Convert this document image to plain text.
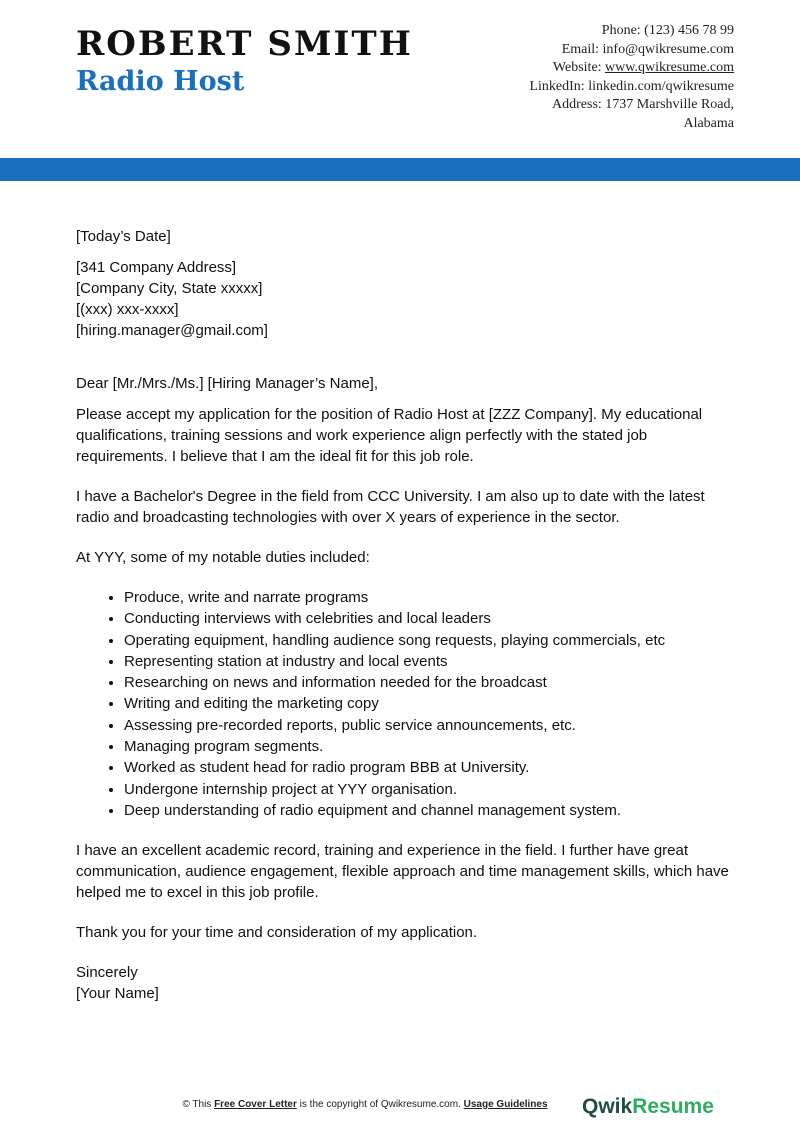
ROBERT SMITH
Radio Host
Phone: (123) 456 78 99
Email: info@qwikresume.com
Website: www.qwikresume.com
LinkedIn: linkedin.com/qwikresume
Address: 1737 Marshville Road,
Alabama

[Today’s Date]

[341 Company Address]

[Company City, State xxxxx]

[(xxx) xxx-xxxx]

[hiring.manager@gmail.com]

Dear [Mr./Mrs./Ms.] [Hiring Manager’s Name],

Please accept my application for the position of Radio Host at [ZZZ Company]. My educational qualifications, training sessions and work experience align perfectly with the stated job requirements. I believe that I am the ideal fit for this job role.

I have a Bachelor's Degree in the field from CCC University. I am also up to date with the latest radio and broadcasting technologies with over X years of experience in the sector.

At YYY, some of my notable duties included:

• Produce, write and narrate programs
• Conducting interviews with celebrities and local leaders
• Operating equipment, handling audience song requests, playing commercials, etc
• Representing station at industry and local events
• Researching on news and information needed for the broadcast
• Writing and editing the marketing copy
• Assessing pre-recorded reports, public service announcements, etc.
• Managing program segments.
• Worked as student head for radio program BBB at University.
• Undergone internship project at YYY organisation.
• Deep understanding of radio equipment and channel management system.

I have an excellent academic record, training and experience in the field. I further have great communication, audience engagement, flexible approach and time management skills, which have helped me to excel in this job profile.

Thank you for your time and consideration of my application.

Sincerely

[Your Name]

© This Free Cover Letter is the copyright of Qwikresume.com. Usage Guidelines	QwikResume
